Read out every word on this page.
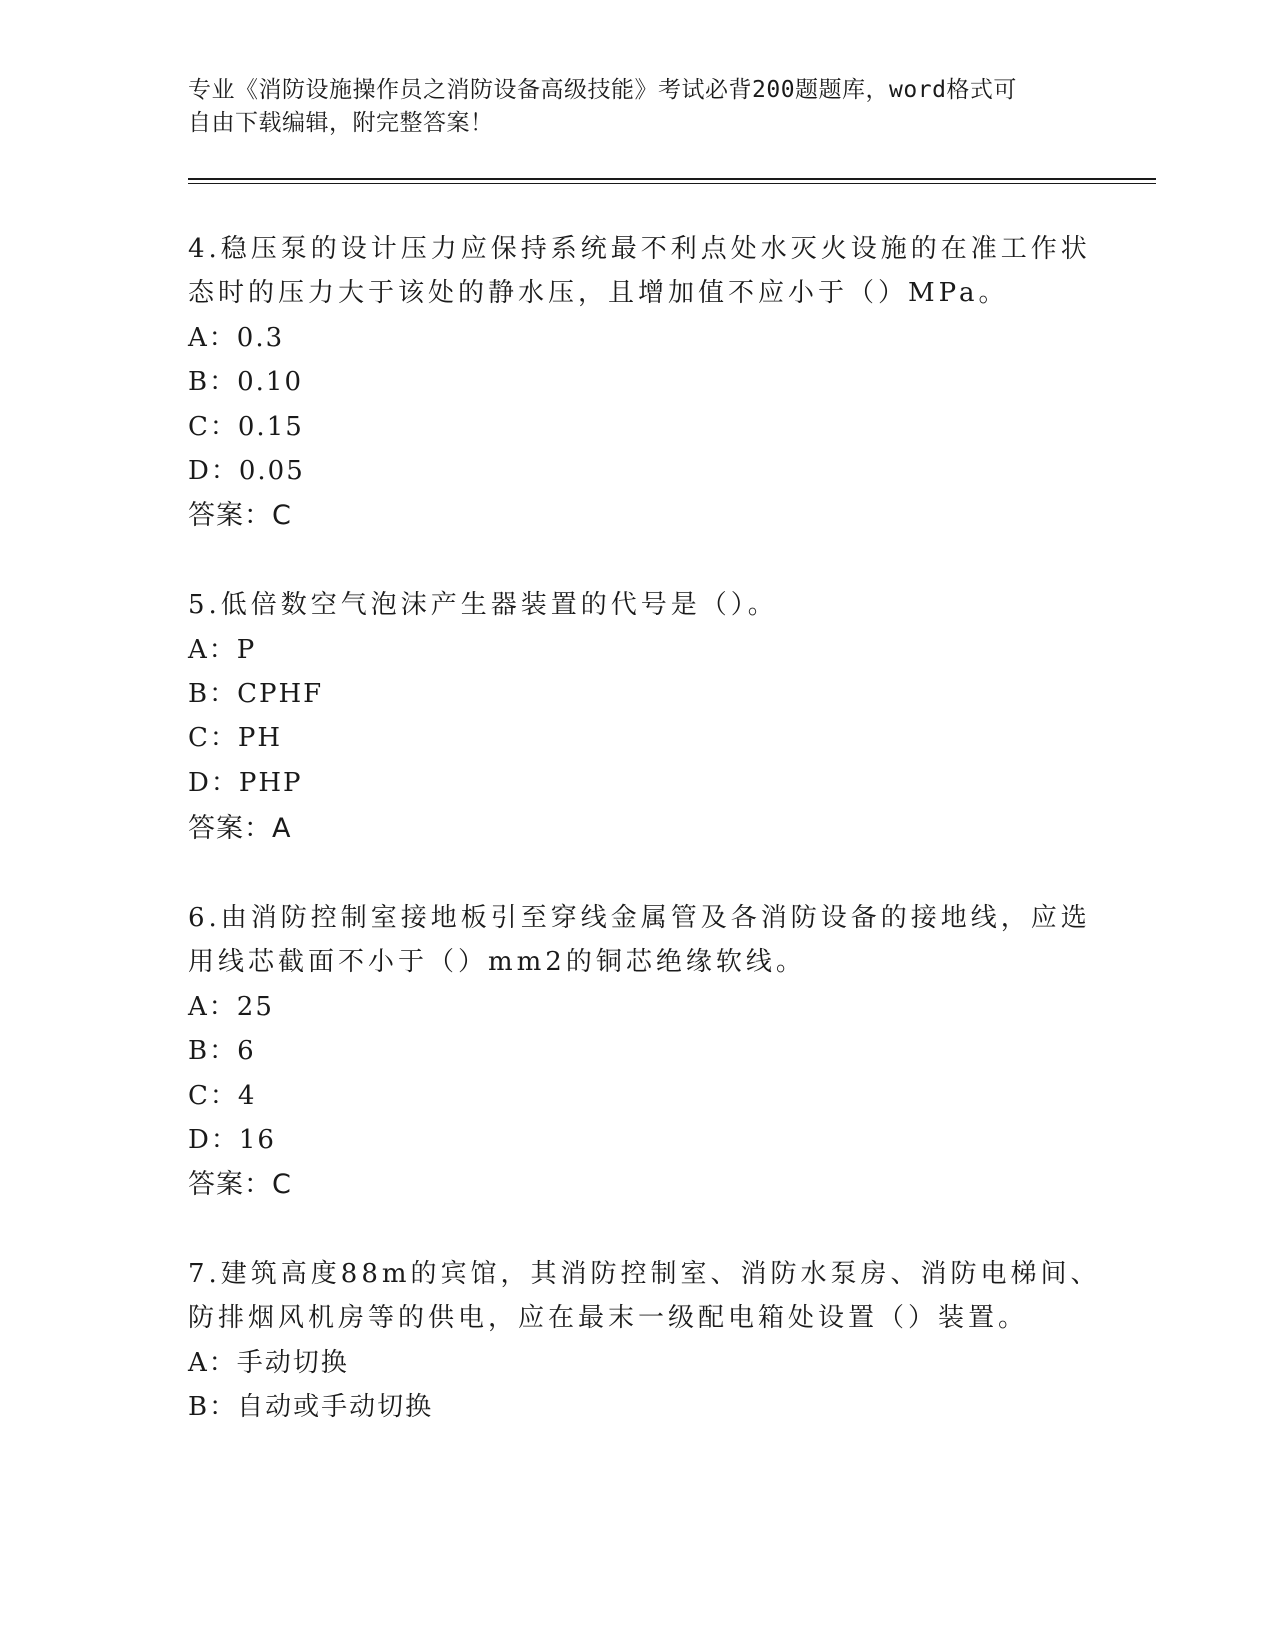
专业《消防设施操作员之消防设备高级技能》考试必背200题题库，word格式可
自由下载编辑，附完整答案！
4.稳压泵的设计压力应保持系统最不利点处水灭火设施的在准工作状
态时的压力大于该处的静水压，且增加值不应小于（）MPa。
A：0.3
B：0.10
C：0.15
D：0.05
答案：C
5.低倍数空气泡沫产生器装置的代号是（）。
A：P
B：CPHF
C：PH
D：PHP
答案：A
6.由消防控制室接地板引至穿线金属管及各消防设备的接地线，应选
用线芯截面不小于（）mm2的铜芯绝缘软线。
A：25
B：6
C：4
D：16
答案：C
7.建筑高度88m的宾馆，其消防控制室、消防水泵房、消防电梯间、
防排烟风机房等的供电，应在最末一级配电箱处设置（）装置。
A：手动切换
B：自动或手动切换
